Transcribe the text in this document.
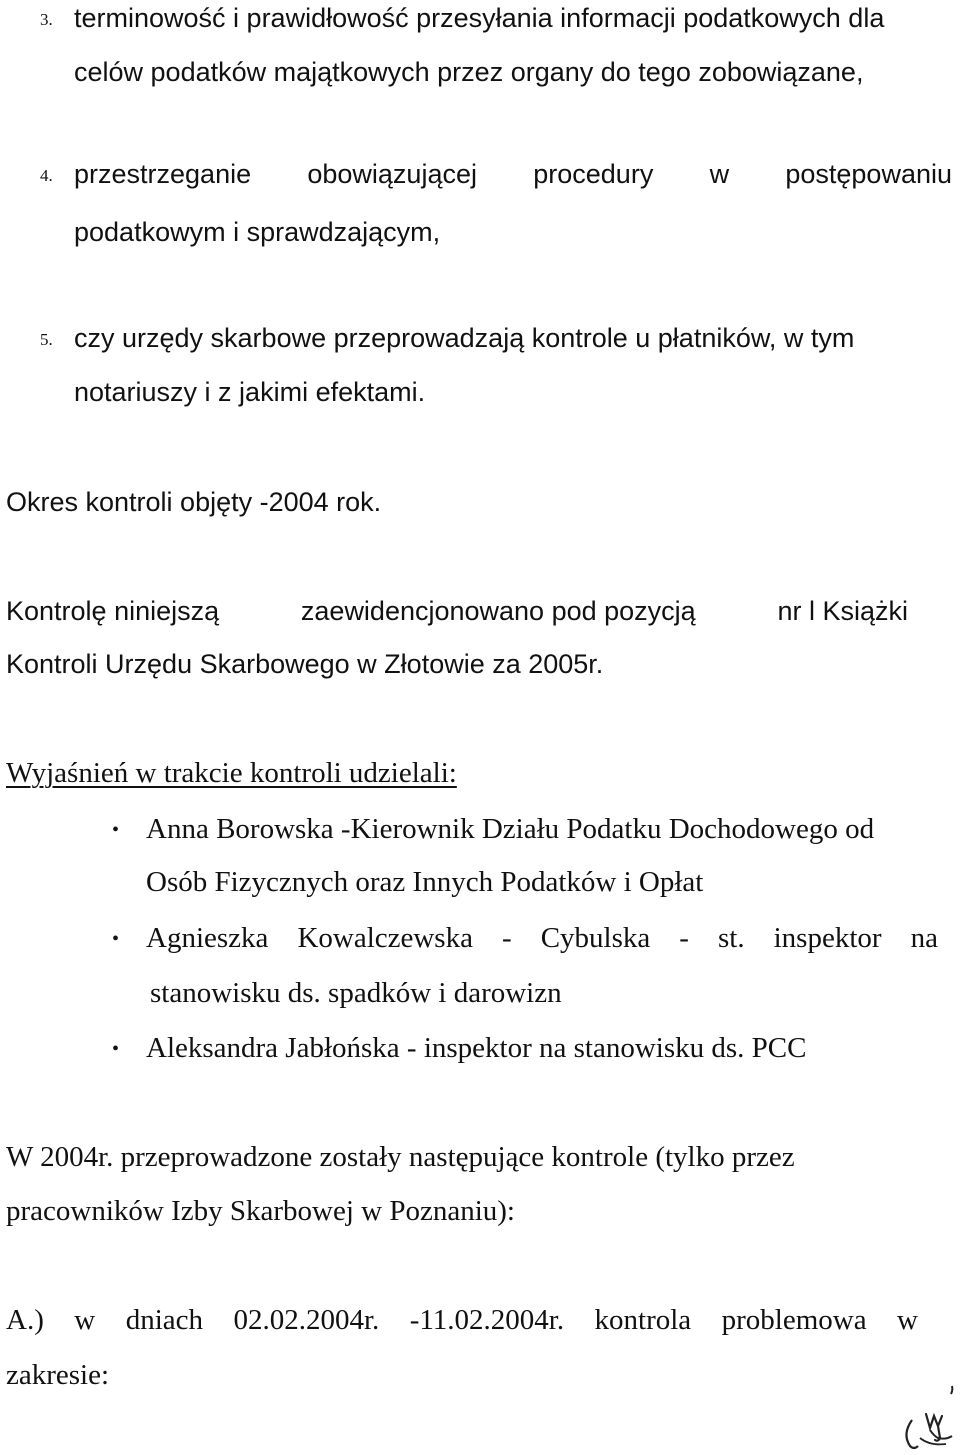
3. terminowość i prawidłowość przesyłania informacji podatkowych dla

celów podatków majątkowych przez organy do tego zobowiązane,

4. przestrzeganie obowiązującej procedury w postępowaniu

podatkowym i sprawdzającym,

5. czy urzędy skarbowe przeprowadzają kontrole u płatników, w tym

notariuszy i z jakimi efektami.

Okres kontroli objęty -2004 rok.

Kontrolę niniejszą	zaewidencjonowano pod pozycją	nr l Książki

Kontroli Urzędu Skarbowego w Złotowie za 2005r.

Wyjaśnień w trakcie kontroli udzielali:

• Anna Borowska -Kierownik Działu Podatku Dochodowego od

Osób Fizycznych oraz Innych Podatków i Opłat

• Agnieszka Kowalczewska - Cybulska - st. inspektor na

stanowisku ds. spadków i darowizn

• Aleksandra Jabłońska - inspektor na stanowisku ds. PCC

W 2004r. przeprowadzone zostały następujące kontrole (tylko przez

pracowników Izby Skarbowej w Poznaniu):

A.) w dniach 02.02.2004r. -11.02.2004r. kontrola problemowa w

zakresie:
